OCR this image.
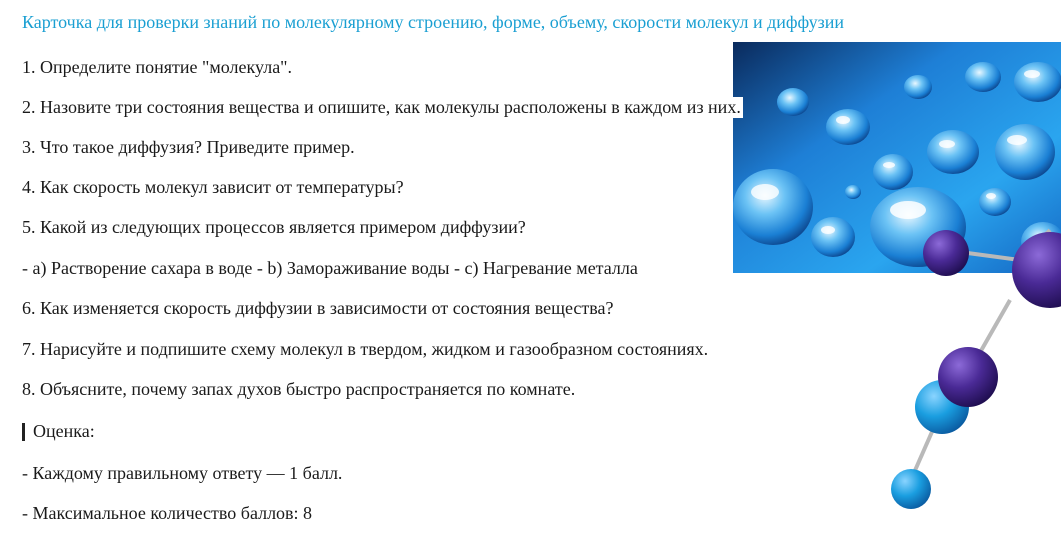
Карточка для проверки знаний по молекулярному строению, форме, объему, скорости молекул и диффузии
1. Определите понятие "молекула".
2. Назовите три состояния вещества и опишите, как молекулы расположены в каждом из них.
3. Что такое диффузия? Приведите пример.
4. Как скорость молекул зависит от температуры?
5. Какой из следующих процессов является примером диффузии?
- a) Растворение сахара в воде - b) Замораживание воды - c) Нагревание металла
6. Как изменяется скорость диффузии в зависимости от состояния вещества?
7. Нарисуйте и подпишите схему молекул в твердом, жидком и газообразном состояниях.
8. Объясните, почему запах духов быстро распространяется по комнате.
Оценка:
- Каждому правильному ответу — 1 балл.
- Максимальное количество баллов: 8
